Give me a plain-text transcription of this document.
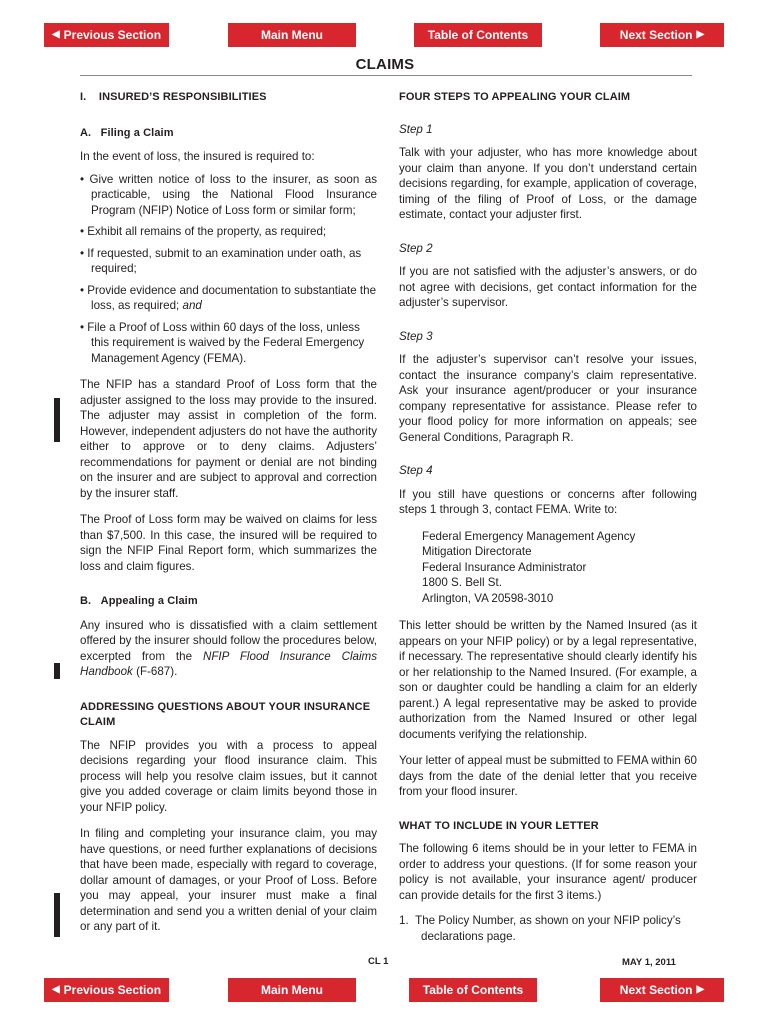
◀ Previous Section	Main Menu	Table of Contents	Next Section ▶
CLAIMS

I.    INSURED’S RESPONSIBILITIES

A.   Filing a Claim

In the event of loss, the insured is required to:

• Give written notice of loss to the insurer, as soon as practicable, using the National Flood Insurance Program (NFIP) Notice of Loss form or similar form;

• Exhibit all remains of the property, as required;

• If requested, submit to an examination under oath, as required;

• Provide evidence and documentation to substantiate the loss, as required; and

• File a Proof of Loss within 60 days of the loss, unless this requirement is waived by the Federal Emergency Management Agency (FEMA).

The NFIP has a standard Proof of Loss form that the adjuster assigned to the loss may provide to the insured. The adjuster may assist in completion of the form. However, independent adjusters do not have the authority either to approve or to deny claims. Adjusters’ recommendations for payment or denial are not binding on the insurer and are subject to approval and correction by the insurer staff.

The Proof of Loss form may be waived on claims for less than $7,500. In this case, the insured will be required to sign the NFIP Final Report form, which summarizes the loss and claim figures.

B.   Appealing a Claim

Any insured who is dissatisfied with a claim settlement offered by the insurer should follow the procedures below, excerpted from the NFIP Flood Insurance Claims Handbook (F-687).

ADDRESSING QUESTIONS ABOUT YOUR INSURANCE CLAIM

The NFIP provides you with a process to appeal decisions regarding your flood insurance claim. This process will help you resolve claim issues, but it cannot give you added coverage or claim limits beyond those in your NFIP policy.

In filing and completing your insurance claim, you may have questions, or need further explanations of decisions that have been made, especially with regard to coverage, dollar amount of damages, or your Proof of Loss. Before you may appeal, your insurer must make a final determination and send you a written denial of your claim or any part of it.

FOUR STEPS TO APPEALING YOUR CLAIM

Step 1

Talk with your adjuster, who has more knowledge about your claim than anyone. If you don’t understand certain decisions regarding, for example, application of coverage, timing of the filing of Proof of Loss, or the damage estimate, contact your adjuster first.

Step 2

If you are not satisfied with the adjuster’s answers, or do not agree with decisions, get contact information for the adjuster’s supervisor.

Step 3

If the adjuster’s supervisor can’t resolve your issues, contact the insurance company’s claim representative. Ask your insurance agent/producer or your insurance company representative for assistance. Please refer to your flood policy for more information on appeals; see General Conditions, Paragraph R.

Step 4

If you still have questions or concerns after following steps 1 through 3, contact FEMA. Write to:

Federal Emergency Management Agency

Mitigation Directorate

Federal Insurance Administrator

1800 S. Bell St.

Arlington, VA 20598-3010

This letter should be written by the Named Insured (as it appears on your NFIP policy) or by a legal representative, if necessary. The representative should clearly identify his or her relationship to the Named Insured. (For example, a son or daughter could be handling a claim for an elderly parent.) A legal representative may be asked to provide authorization from the Named Insured or other legal documents verifying the relationship.

Your letter of appeal must be submitted to FEMA within 60 days from the date of the denial letter that you receive from your flood insurer.

WHAT TO INCLUDE IN YOUR LETTER

The following 6 items should be in your letter to FEMA in order to address your questions. (If for some reason your policy is not available, your insurance agent/ producer can provide details for the first 3 items.)

1.  The Policy Number, as shown on your NFIP policy’s declarations page.

CL 1	MAY 1, 2011
◀ Previous Section	Main Menu	Table of Contents	Next Section ▶
